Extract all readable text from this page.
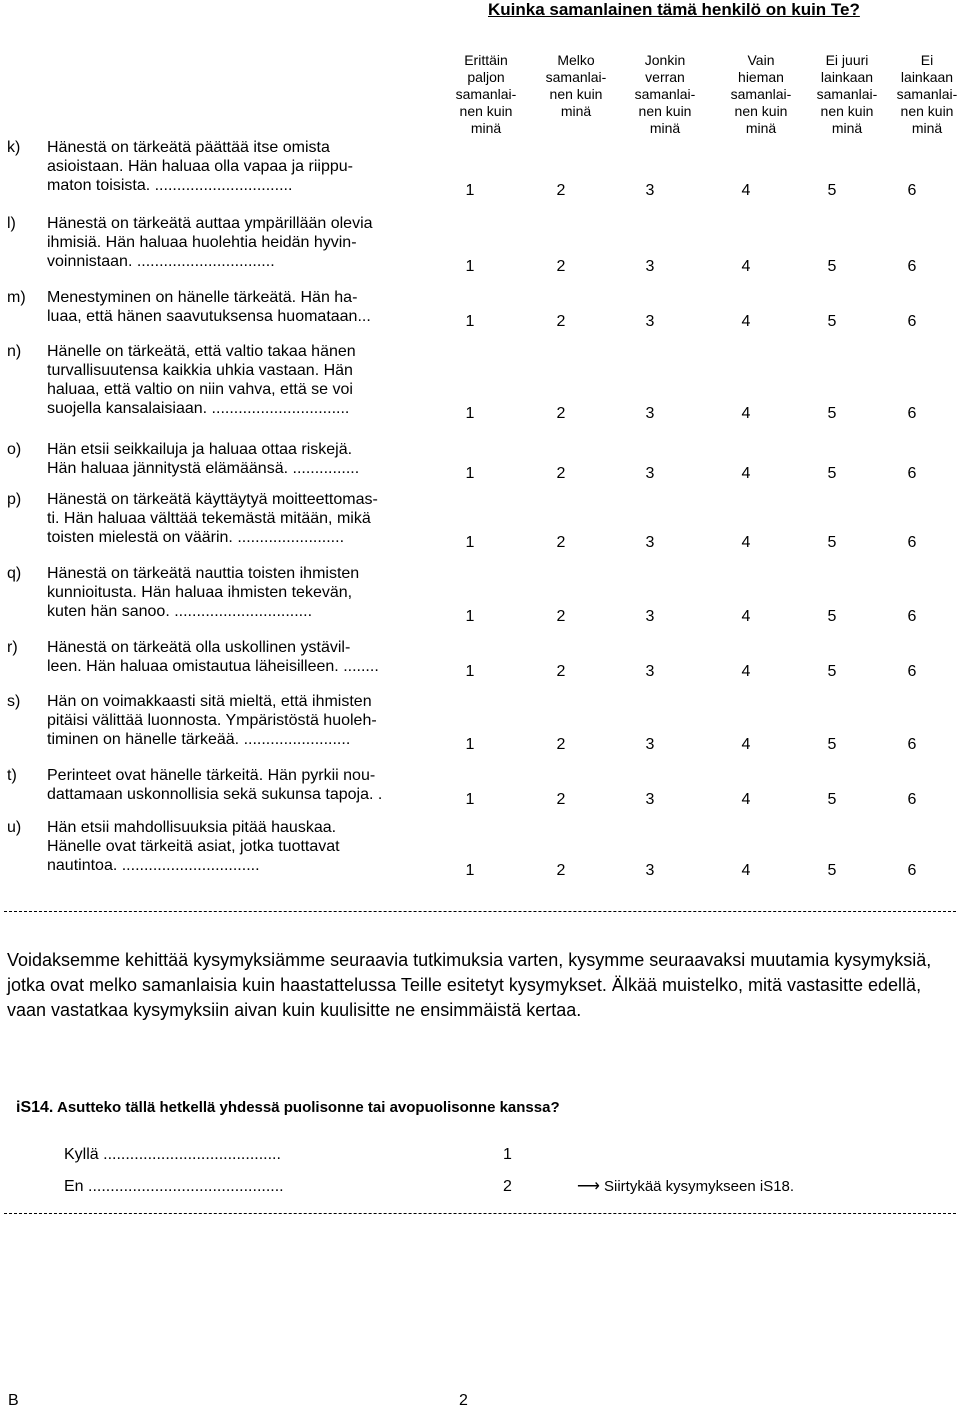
Kuinka samanlainen tämä henkilö on kuin Te?
Erittäin
paljon
samanlai-
nen kuin
minä
Melko
samanlai-
nen kuin
minä
Jonkin
verran
samanlai-
nen kuin
minä
Vain
hieman
samanlai-
nen kuin
minä
Ei juuri
lainkaan
samanlai-
nen kuin
minä
Ei
lainkaan
samanlai-
nen kuin
minä
k) Hänestä on tärkeätä päättää itse omista
asioistaan. Hän haluaa olla vapaa ja riippu-
maton toisista. ...............................	1	2	3	4	5	6
l) Hänestä on tärkeätä auttaa ympärillään olevia
ihmisiä. Hän haluaa huolehtia heidän hyvin-
voinnistaan. ...............................	1	2	3	4	5	6
m) Menestyminen on hänelle tärkeätä. Hän ha-
luaa, että hänen saavutuksensa huomataan...	1	2	3	4	5	6
n) Hänelle on tärkeätä, että valtio takaa hänen
turvallisuutensa kaikkia uhkia vastaan. Hän
haluaa, että valtio on niin vahva, että se voi
suojella kansalaisiaan. ...............................	1	2	3	4	5	6
o) Hän etsii seikkailuja ja haluaa ottaa riskejä.
Hän haluaa jännitystä elämäänsä. ...............	1	2	3	4	5	6
p) Hänestä on tärkeätä käyttäytyä moitteettomas-
ti. Hän haluaa välttää tekemästä mitään, mikä
toisten mielestä on väärin. ........................	1	2	3	4	5	6
q) Hänestä on tärkeätä nauttia toisten ihmisten
kunnioitusta. Hän haluaa ihmisten tekevän,
kuten hän sanoo. ...............................	1	2	3	4	5	6
r) Hänestä on tärkeätä olla uskollinen ystävil-
leen. Hän haluaa omistautua läheisilleen. ........	1	2	3	4	5	6
s) Hän on voimakkaasti sitä mieltä, että ihmisten
pitäisi välittää luonnosta. Ympäristöstä huoleh-
timinen on hänelle tärkeää. ........................	1	2	3	4	5	6
t) Perinteet ovat hänelle tärkeitä. Hän pyrkii nou-
dattamaan uskonnollisia sekä sukunsa tapoja. .	1	2	3	4	5	6
u) Hän etsii mahdollisuuksia pitää hauskaa.
Hänelle ovat tärkeitä asiat, jotka tuottavat
nautintoa. ...............................	1	2	3	4	5	6
Voidaksemme kehittää kysymyksiämme seuraavia tutkimuksia varten, kysymme seuraavaksi muutamia kysymyksiä, jotka ovat melko samanlaisia kuin haastattelussa Teille esitetyt kysymykset. Älkää muistelko, mitä vastasitte edellä, vaan vastatkaa kysymyksiin aivan kuin kuulisitte ne ensimmäistä kertaa.
iS14. Asutteko tällä hetkellä yhdessä puolisonne tai avopuolisonne kanssa?
Kyllä ........................................	1
En ............................................	2	⟶ Siirtykää kysymykseen iS18.
B	2
